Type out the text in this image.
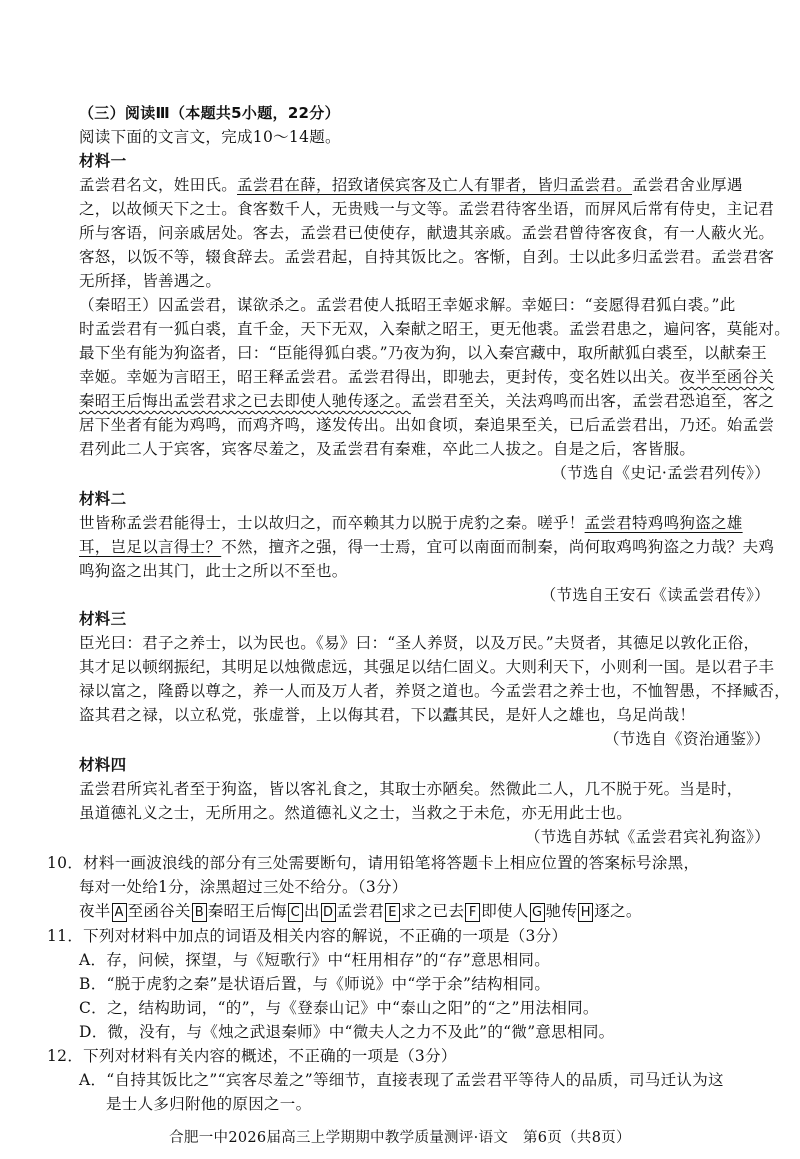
（三）阅读Ⅲ（本题共5小题，22分）
阅读下面的文言文，完成10～14题。
材料一
孟尝君名文，姓田氏。孟尝君在薛，招致诸侯宾客及亡人有罪者，皆归孟尝君。孟尝君舍业厚遇
之，以故倾天下之士。食客数千人，无贵贱一与文等。孟尝君待客坐语，而屏风后常有侍史，主记君
所与客语，问亲戚居处。客去，孟尝君已使使存，献遗其亲戚。孟尝君曾待客夜食，有一人蔽火光。
客怒，以饭不等，辍食辞去。孟尝君起，自持其饭比之。客惭，自刭。士以此多归孟尝君。孟尝君客
无所择，皆善遇之。
（秦昭王）囚孟尝君，谋欲杀之。孟尝君使人抵昭王幸姬求解。幸姬曰：“妾愿得君狐白裘。”此
时孟尝君有一狐白裘，直千金，天下无双，入秦献之昭王，更无他裘。孟尝君患之，遍问客，莫能对。
最下坐有能为狗盗者，曰：“臣能得狐白裘。”乃夜为狗，以入秦宫藏中，取所献狐白裘至，以献秦王
幸姬。幸姬为言昭王，昭王释孟尝君。孟尝君得出，即驰去，更封传，变名姓以出关。夜半至函谷关
秦昭王后悔出孟尝君求之已去即使人驰传逐之。孟尝君至关，关法鸡鸣而出客，孟尝君恐追至，客之
居下坐者有能为鸡鸣，而鸡齐鸣，遂发传出。出如食顷，秦追果至关，已后孟尝君出，乃还。始孟尝
君列此二人于宾客，宾客尽羞之，及孟尝君有秦难，卒此二人拔之。自是之后，客皆服。
（节选自《史记·孟尝君列传》）
材料二
世皆称孟尝君能得士，士以故归之，而卒赖其力以脱于虎豹之秦。嗟乎！孟尝君特鸡鸣狗盗之雄
耳，岂足以言得士？不然，擅齐之强，得一士焉，宜可以南面而制秦，尚何取鸡鸣狗盗之力哉？夫鸡
鸣狗盗之出其门，此士之所以不至也。
（节选自王安石《读孟尝君传》）
材料三
臣光曰：君子之养士，以为民也。《易》曰：“圣人养贤，以及万民。”夫贤者，其德足以敦化正俗，
其才足以顿纲振纪，其明足以烛微虑远，其强足以结仁固义。大则利天下，小则利一国。是以君子丰
禄以富之，隆爵以尊之，养一人而及万人者，养贤之道也。今孟尝君之养士也，不恤智愚，不择臧否，
盗其君之禄，以立私党，张虚誉，上以侮其君，下以蠹其民，是奸人之雄也，乌足尚哉！
（节选自《资治通鉴》）
材料四
孟尝君所宾礼者至于狗盗，皆以客礼食之，其取士亦陋矣。然微此二人，几不脱于死。当是时，
虽道德礼义之士，无所用之。然道德礼义之士，当救之于未危，亦无用此士也。
（节选自苏轼《孟尝君宾礼狗盗》）
10．材料一画波浪线的部分有三处需要断句，请用铅笔将答题卡上相应位置的答案标号涂黑，
每对一处给1分，涂黑超过三处不给分。（3分）
夜半 A 至函谷关 B 秦昭王后悔 C 出 D 孟尝君 E 求之已去 F 即使人 G 驰传 H 逐之。
11．下列对材料中加点的词语及相关内容的解说，不正确的一项是（3分）
A．存，问候，探望，与《短歌行》中“枉用相存”的“存”意思相同。
B．“脱于虎豹之秦”是状语后置，与《师说》中“学于余”结构相同。
C．之，结构助词，“的”，与《登泰山记》中“泰山之阳”的“之”用法相同。
D．微，没有，与《烛之武退秦师》中“微夫人之力不及此”的“微”意思相同。
12．下列对材料有关内容的概述，不正确的一项是（3分）
A．“自持其饭比之”“宾客尽羞之”等细节，直接表现了孟尝君平等待人的品质，司马迁认为这
是士人多归附他的原因之一。
合肥一中2026届高三上学期期中教学质量测评·语文　第6页（共8页）
